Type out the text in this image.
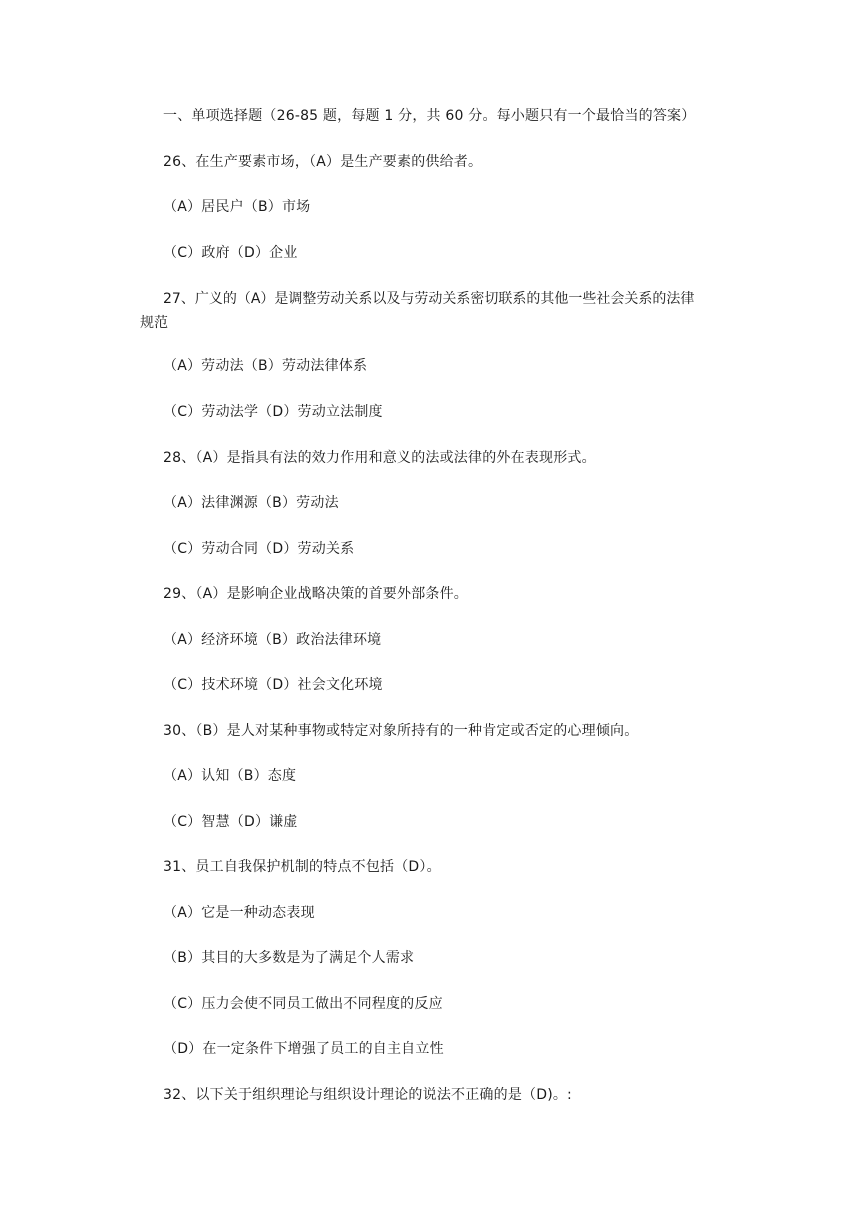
一、单项选择题（26-85 题，每题 1 分，共 60 分。每小题只有一个最恰当的答案）
26、在生产要素市场，（A）是生产要素的供给者。
（A）居民户（B）市场
（C）政府（D）企业
27、广义的（A）是调整劳动关系以及与劳动关系密切联系的其他一些社会关系的法律
规范
（A）劳动法（B）劳动法律体系
（C）劳动法学（D）劳动立法制度
28、（A）是指具有法的效力作用和意义的法或法律的外在表现形式。
（A）法律渊源（B）劳动法
（C）劳动合同（D）劳动关系
29、（A）是影响企业战略决策的首要外部条件。
（A）经济环境（B）政治法律环境
（C）技术环境（D）社会文化环境
30、（B）是人对某种事物或特定对象所持有的一种肯定或否定的心理倾向。
（A）认知（B）态度
（C）智慧（D）谦虚
31、员工自我保护机制的特点不包括（D）。
（A）它是一种动态表现
（B）其目的大多数是为了满足个人需求
（C）压力会使不同员工做出不同程度的反应
（D）在一定条件下增强了员工的自主自立性
32、以下关于组织理论与组织设计理论的说法不正确的是（D)。:
